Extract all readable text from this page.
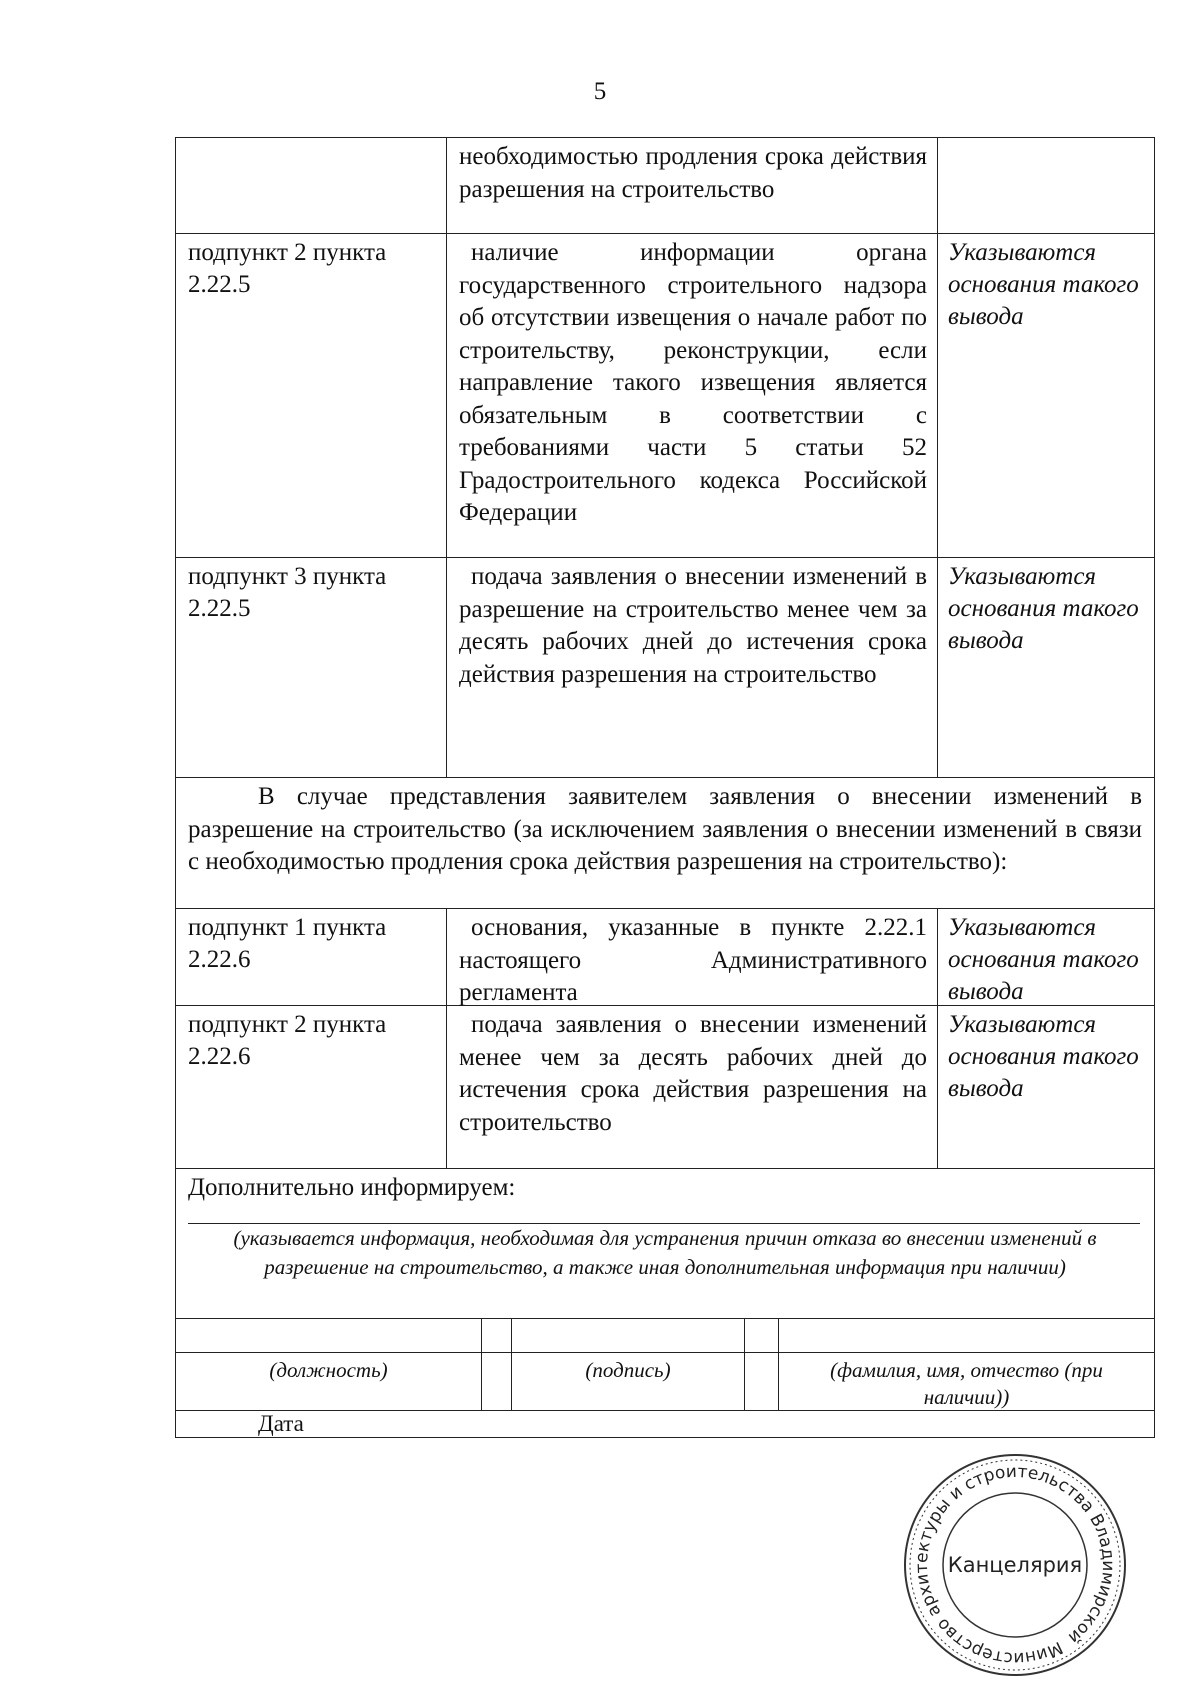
5
необходимостью продления срока действия разрешения на строительство
подпункт 2 пункта 2.22.5
наличие информации органа государственного строительного надзора об отсутствии извещения о начале работ по строительству, реконструкции, если направление такого извещения является обязательным в соответствии с требованиями части 5 статьи 52 Градостроительного кодекса Российской Федерации
Указываются основания такого вывода
подпункт 3 пункта 2.22.5
подача заявления о внесении изменений в разрешение на строительство менее чем за десять рабочих дней до истечения срока действия разрешения на строительство
Указываются основания такого вывода
В случае представления заявителем заявления о внесении изменений в разрешение на строительство (за исключением заявления о внесении изменений в связи с необходимостью продления срока действия разрешения на строительство):
подпункт 1 пункта 2.22.6
основания, указанные в пункте 2.22.1 настоящего Административного регламента
Указываются основания такого вывода
подпункт 2 пункта 2.22.6
подача заявления о внесении изменений менее чем за десять рабочих дней до истечения срока действия разрешения на строительство
Указываются основания такого вывода
Дополнительно информируем:
(указывается информация, необходимая для устранения причин отказа во внесении изменений в разрешение на строительство, а также иная дополнительная информация при наличии)
(должность)	(подпись)	(фамилия, имя, отчество (при наличии))
Дата
Министерство архитектуры и строительства Владимирской
Канцелярия
